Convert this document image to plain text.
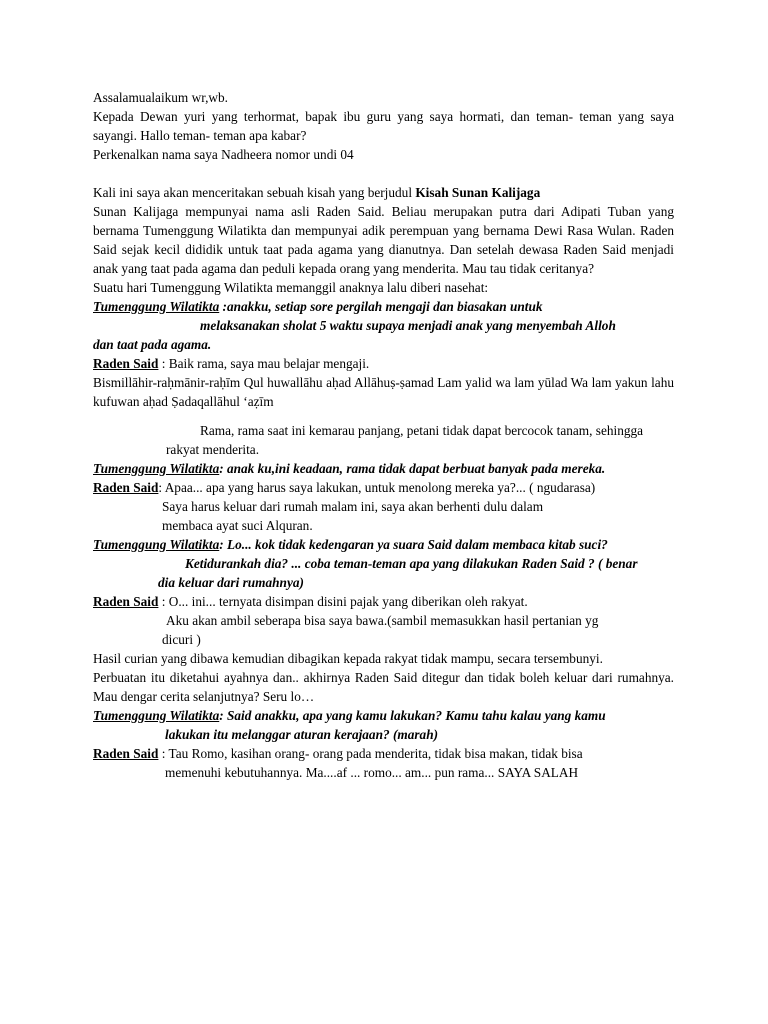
Assalamualaikum wr,wb.

Kepada Dewan yuri yang terhormat, bapak ibu guru yang saya hormati, dan teman- teman yang saya sayangi. Hallo teman- teman apa kabar?

Perkenalkan nama saya Nadheera nomor undi 04

Kali ini saya akan menceritakan sebuah kisah yang berjudul Kisah Sunan Kalijaga

Sunan Kalijaga mempunyai nama asli Raden Said. Beliau merupakan putra dari Adipati Tuban yang bernama Tumenggung Wilatikta dan mempunyai adik perempuan yang bernama Dewi Rasa Wulan. Raden Said sejak kecil dididik untuk taat pada agama yang dianutnya. Dan setelah dewasa Raden Said menjadi anak yang taat pada agama dan peduli kepada orang yang menderita. Mau tau tidak ceritanya?

Suatu hari Tumenggung Wilatikta memanggil anaknya lalu diberi nasehat:

Tumenggung Wilatikta :anakku, setiap sore pergilah mengaji dan biasakan untuk

melaksanakan sholat 5 waktu supaya menjadi anak yang menyembah Alloh

dan taat pada agama.

Raden Said : Baik rama, saya mau belajar mengaji.

Bismillāhir-raḥmānir-raḥīm Qul huwallāhu aḥad Allāhuṣ-ṣamad Lam yalid wa lam yūlad Wa lam yakun lahu kufuwan aḥad Ṣadaqallāhul ‘aẓīm

Rama, rama saat ini kemarau panjang, petani tidak dapat bercocok tanam, sehingga

rakyat menderita.

Tumenggung Wilatikta: anak ku,ini keadaan, rama tidak dapat berbuat banyak pada mereka.

Raden Said: Apaa... apa yang harus saya lakukan, untuk menolong mereka ya?... ( ngudarasa)

Saya harus keluar dari rumah malam ini, saya akan berhenti dulu dalam

membaca ayat suci Alquran.

Tumenggung Wilatikta: Lo... kok tidak kedengaran ya suara Said dalam membaca kitab suci?

Ketidurankah dia? ... coba teman-teman apa yang dilakukan Raden Said ? ( benar

dia keluar dari rumahnya)

Raden Said : O... ini... ternyata disimpan disini pajak yang diberikan oleh rakyat.

Aku akan ambil seberapa bisa saya bawa.(sambil memasukkan hasil pertanian yg

dicuri )

Hasil curian yang dibawa kemudian dibagikan kepada rakyat tidak mampu, secara tersembunyi.

Perbuatan itu diketahui ayahnya dan.. akhirnya Raden Said ditegur dan tidak boleh keluar dari rumahnya. Mau dengar cerita selanjutnya? Seru lo…

Tumenggung Wilatikta: Said anakku, apa yang kamu lakukan? Kamu tahu kalau yang kamu

lakukan itu melanggar aturan kerajaan? (marah)

Raden Said : Tau Romo, kasihan orang- orang pada menderita, tidak bisa makan, tidak bisa

memenuhi kebutuhannya. Ma....af ... romo... am... pun rama... SAYA SALAH
